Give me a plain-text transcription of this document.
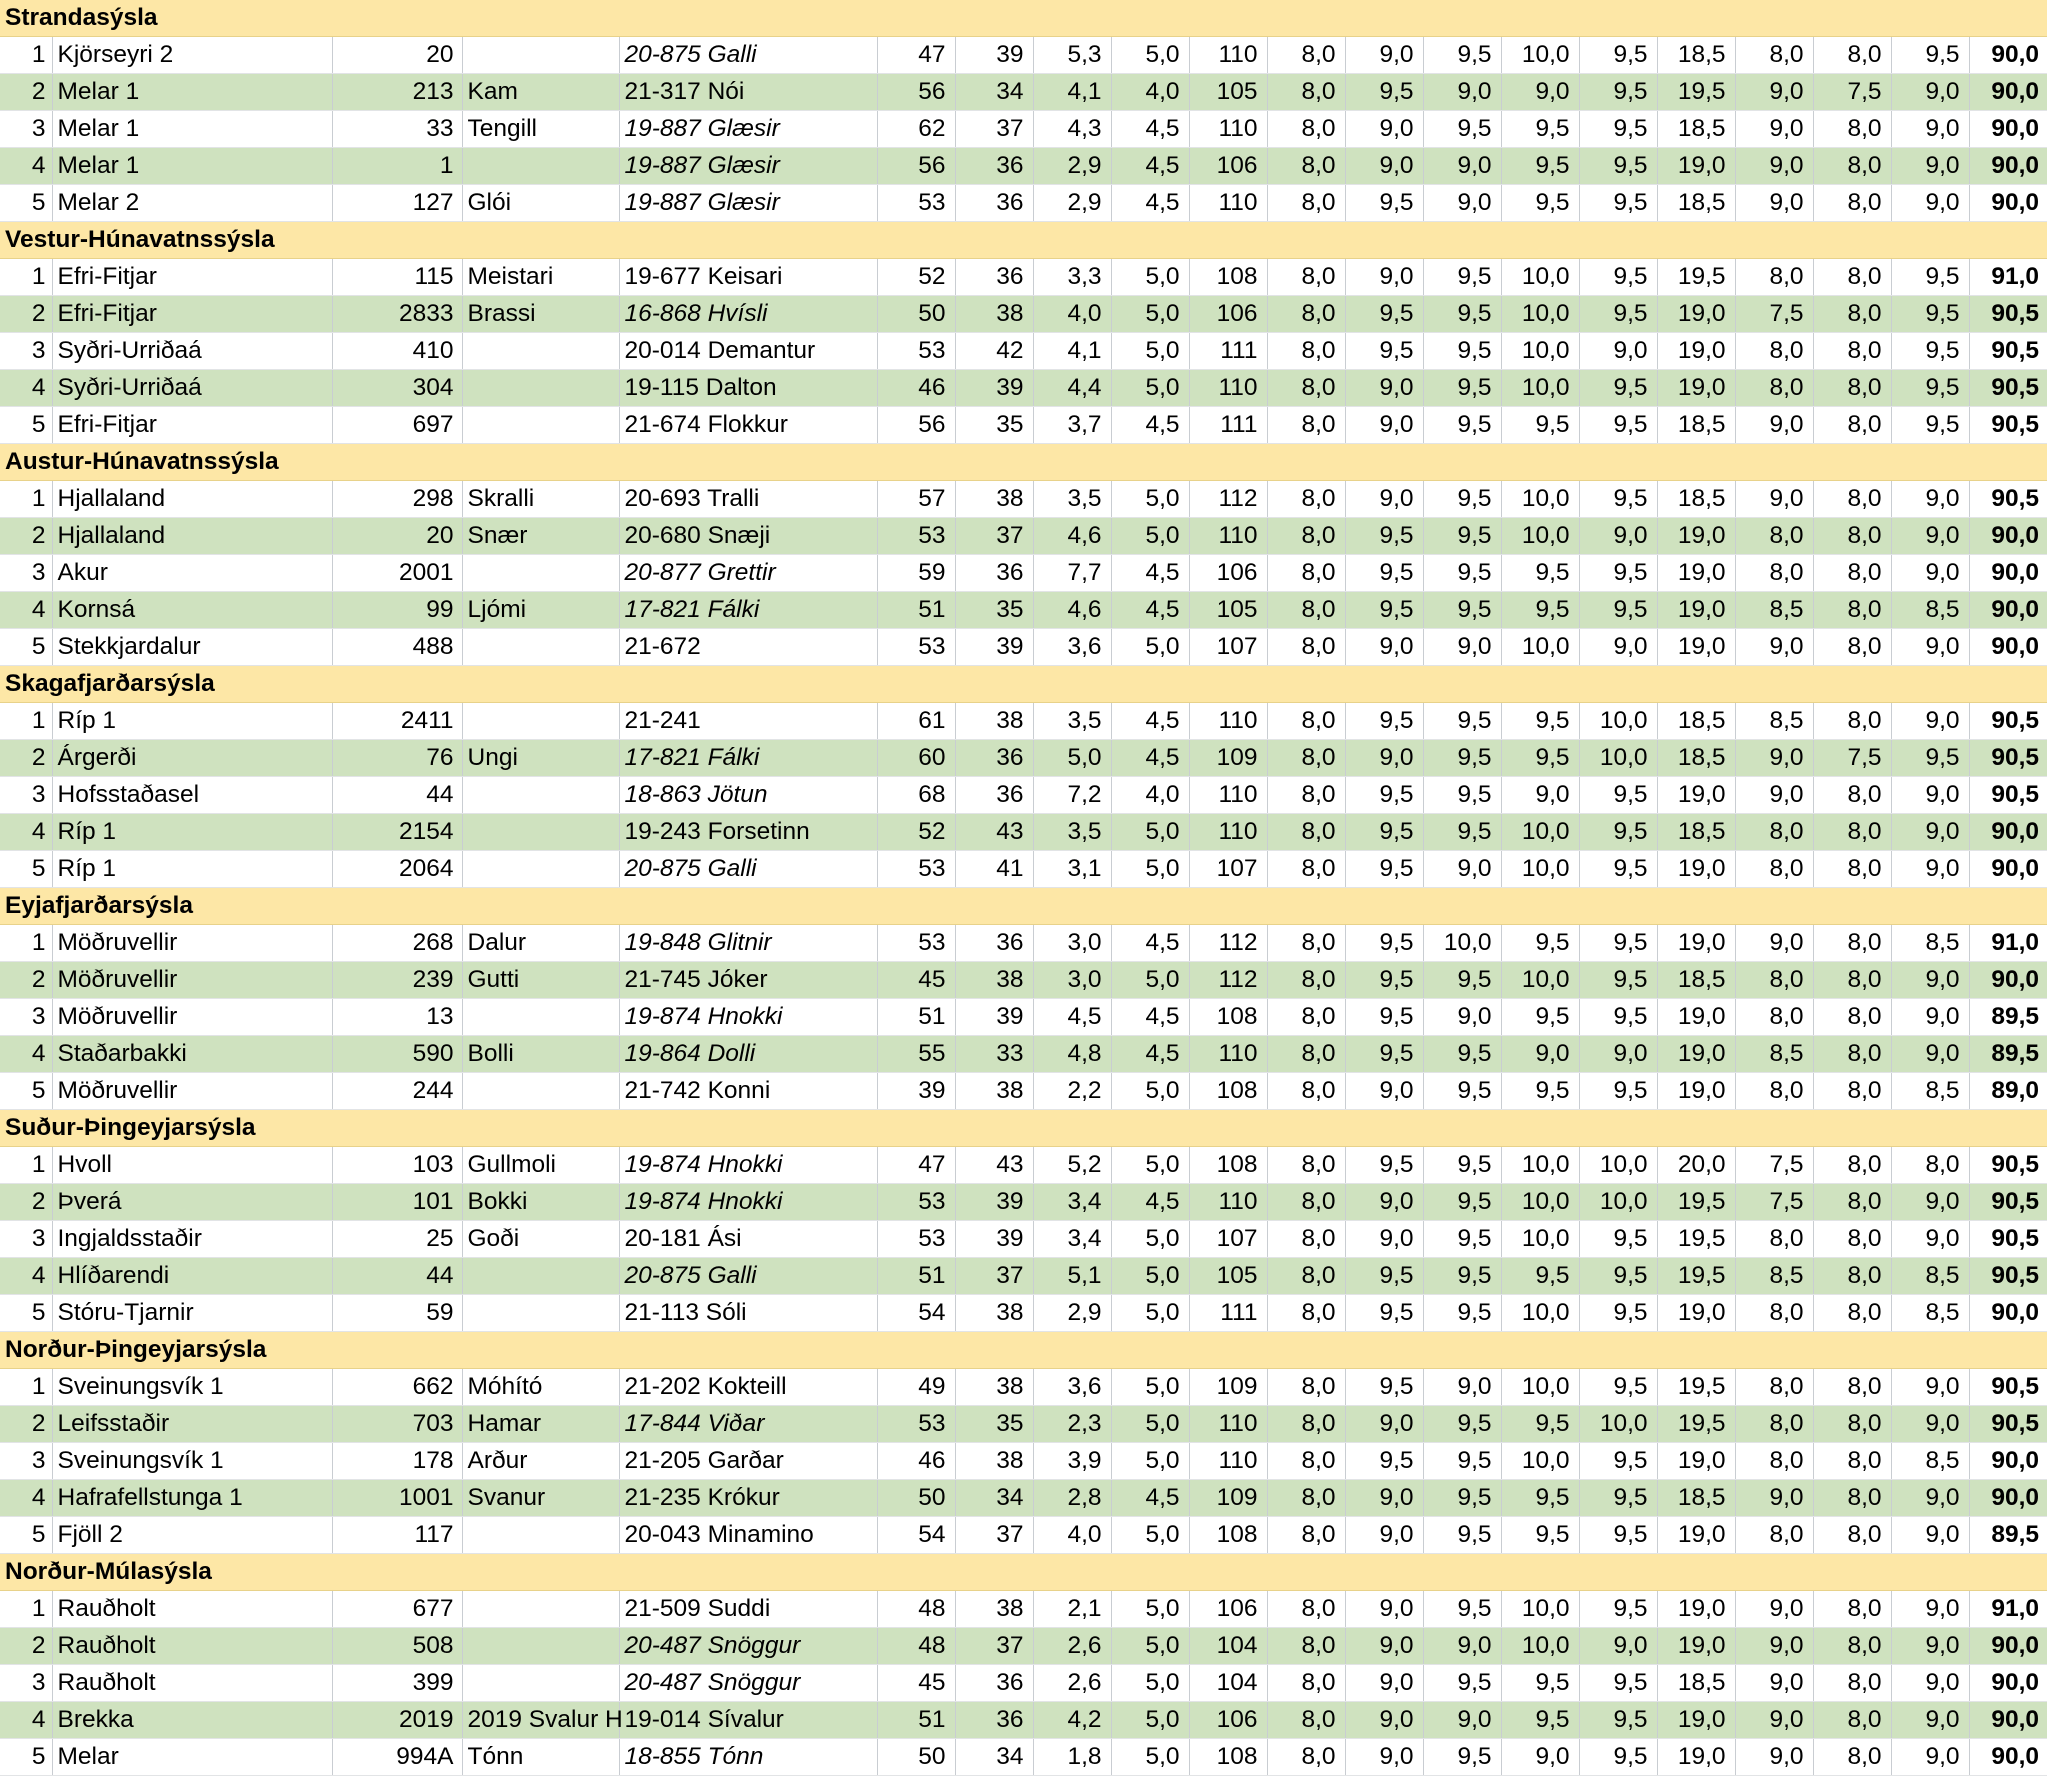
Strandasýsla																			
1	Kjörseyri 2	20		20-875 Galli	47	39	5,3	5,0	110	8,0	9,0	9,5	10,0	9,5	18,5	8,0	8,0	9,5	90,0
2	Melar 1	213	Kam	21-317 Nói	56	34	4,1	4,0	105	8,0	9,5	9,0	9,0	9,5	19,5	9,0	7,5	9,0	90,0
3	Melar 1	33	Tengill	19-887 Glæsir	62	37	4,3	4,5	110	8,0	9,0	9,5	9,5	9,5	18,5	9,0	8,0	9,0	90,0
4	Melar 1	1		19-887 Glæsir	56	36	2,9	4,5	106	8,0	9,0	9,0	9,5	9,5	19,0	9,0	8,0	9,0	90,0
5	Melar 2	127	Glói	19-887 Glæsir	53	36	2,9	4,5	110	8,0	9,5	9,0	9,5	9,5	18,5	9,0	8,0	9,0	90,0
Vestur-Húnavatnssýsla																			
1	Efri-Fitjar	115	Meistari	19-677 Keisari	52	36	3,3	5,0	108	8,0	9,0	9,5	10,0	9,5	19,5	8,0	8,0	9,5	91,0
2	Efri-Fitjar	2833	Brassi	16-868 Hvísli	50	38	4,0	5,0	106	8,0	9,5	9,5	10,0	9,5	19,0	7,5	8,0	9,5	90,5
3	Syðri-Urriðaá	410		20-014 Demantur	53	42	4,1	5,0	111	8,0	9,5	9,5	10,0	9,0	19,0	8,0	8,0	9,5	90,5
4	Syðri-Urriðaá	304		19-115 Dalton	46	39	4,4	5,0	110	8,0	9,0	9,5	10,0	9,5	19,0	8,0	8,0	9,5	90,5
5	Efri-Fitjar	697		21-674 Flokkur	56	35	3,7	4,5	111	8,0	9,0	9,5	9,5	9,5	18,5	9,0	8,0	9,5	90,5
Austur-Húnavatnssýsla																			
1	Hjallaland	298	Skralli	20-693 Tralli	57	38	3,5	5,0	112	8,0	9,0	9,5	10,0	9,5	18,5	9,0	8,0	9,0	90,5
2	Hjallaland	20	Snær	20-680 Snæji	53	37	4,6	5,0	110	8,0	9,5	9,5	10,0	9,0	19,0	8,0	8,0	9,0	90,0
3	Akur	2001		20-877 Grettir	59	36	7,7	4,5	106	8,0	9,5	9,5	9,5	9,5	19,0	8,0	8,0	9,0	90,0
4	Kornsá	99	Ljómi	17-821 Fálki	51	35	4,6	4,5	105	8,0	9,5	9,5	9,5	9,5	19,0	8,5	8,0	8,5	90,0
5	Stekkjardalur	488		21-672	53	39	3,6	5,0	107	8,0	9,0	9,0	10,0	9,0	19,0	9,0	8,0	9,0	90,0
Skagafjarðarsýsla																			
1	Ríp 1	2411		21-241	61	38	3,5	4,5	110	8,0	9,5	9,5	9,5	10,0	18,5	8,5	8,0	9,0	90,5
2	Árgerði	76	Ungi	17-821 Fálki	60	36	5,0	4,5	109	8,0	9,0	9,5	9,5	10,0	18,5	9,0	7,5	9,5	90,5
3	Hofsstaðasel	44		18-863 Jötun	68	36	7,2	4,0	110	8,0	9,5	9,5	9,0	9,5	19,0	9,0	8,0	9,0	90,5
4	Ríp 1	2154		19-243 Forsetinn	52	43	3,5	5,0	110	8,0	9,5	9,5	10,0	9,5	18,5	8,0	8,0	9,0	90,0
5	Ríp 1	2064		20-875 Galli	53	41	3,1	5,0	107	8,0	9,5	9,0	10,0	9,5	19,0	8,0	8,0	9,0	90,0
Eyjafjarðarsýsla																			
1	Möðruvellir	268	Dalur	19-848 Glitnir	53	36	3,0	4,5	112	8,0	9,5	10,0	9,5	9,5	19,0	9,0	8,0	8,5	91,0
2	Möðruvellir	239	Gutti	21-745 Jóker	45	38	3,0	5,0	112	8,0	9,5	9,5	10,0	9,5	18,5	8,0	8,0	9,0	90,0
3	Möðruvellir	13		19-874 Hnokki	51	39	4,5	4,5	108	8,0	9,5	9,0	9,5	9,5	19,0	8,0	8,0	9,0	89,5
4	Staðarbakki	590	Bolli	19-864 Dolli	55	33	4,8	4,5	110	8,0	9,5	9,5	9,0	9,0	19,0	8,5	8,0	9,0	89,5
5	Möðruvellir	244		21-742 Konni	39	38	2,2	5,0	108	8,0	9,0	9,5	9,5	9,5	19,0	8,0	8,0	8,5	89,0
Suður-Þingeyjarsýsla																			
1	Hvoll	103	Gullmoli	19-874 Hnokki	47	43	5,2	5,0	108	8,0	9,5	9,5	10,0	10,0	20,0	7,5	8,0	8,0	90,5
2	Þverá	101	Bokki	19-874 Hnokki	53	39	3,4	4,5	110	8,0	9,0	9,5	10,0	10,0	19,5	7,5	8,0	9,0	90,5
3	Ingjaldsstaðir	25	Goði	20-181 Ási	53	39	3,4	5,0	107	8,0	9,0	9,5	10,0	9,5	19,5	8,0	8,0	9,0	90,5
4	Hlíðarendi	44		20-875 Galli	51	37	5,1	5,0	105	8,0	9,5	9,5	9,5	9,5	19,5	8,5	8,0	8,5	90,5
5	Stóru-Tjarnir	59		21-113 Sóli	54	38	2,9	5,0	111	8,0	9,5	9,5	10,0	9,5	19,0	8,0	8,0	8,5	90,0
Norður-Þingeyjarsýsla																			
1	Sveinungsvík 1	662	Móhító	21-202 Kokteill	49	38	3,6	5,0	109	8,0	9,5	9,0	10,0	9,5	19,5	8,0	8,0	9,0	90,5
2	Leifsstaðir	703	Hamar	17-844 Viðar	53	35	2,3	5,0	110	8,0	9,0	9,5	9,5	10,0	19,5	8,0	8,0	9,0	90,5
3	Sveinungsvík 1	178	Arður	21-205 Garðar	46	38	3,9	5,0	110	8,0	9,5	9,5	10,0	9,5	19,0	8,0	8,0	8,5	90,0
4	Hafrafellstunga 1	1001	Svanur	21-235 Krókur	50	34	2,8	4,5	109	8,0	9,0	9,5	9,5	9,5	18,5	9,0	8,0	9,0	90,0
5	Fjöll 2	117		20-043 Minamino	54	37	4,0	5,0	108	8,0	9,0	9,5	9,5	9,5	19,0	8,0	8,0	9,0	89,5
Norður-Múlasýsla																			
1	Rauðholt	677		21-509 Suddi	48	38	2,1	5,0	106	8,0	9,0	9,5	10,0	9,5	19,0	9,0	8,0	9,0	91,0
2	Rauðholt	508		20-487 Snöggur	48	37	2,6	5,0	104	8,0	9,0	9,0	10,0	9,0	19,0	9,0	8,0	9,0	90,0
3	Rauðholt	399		20-487 Snöggur	45	36	2,6	5,0	104	8,0	9,0	9,5	9,5	9,5	18,5	9,0	8,0	9,0	90,0
4	Brekka	2019	2019 Svalur H	19-014 Sívalur	51	36	4,2	5,0	106	8,0	9,0	9,0	9,5	9,5	19,0	9,0	8,0	9,0	90,0
5	Melar	994A	Tónn	18-855 Tónn	50	34	1,8	5,0	108	8,0	9,0	9,5	9,0	9,5	19,0	9,0	8,0	9,0	90,0
